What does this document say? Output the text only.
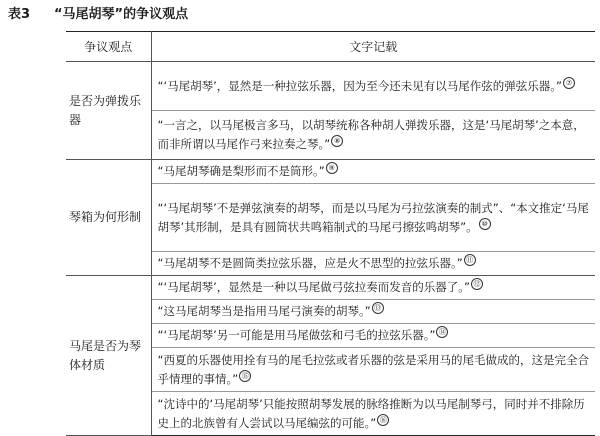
表3 “马尾胡琴”的争议观点
争议观点	文字记载
是否为弹拨乐器	“‘马尾胡琴’，显然是一种拉弦乐器，因为至今还未见有以马尾作弦的弹弦乐器。” ⑦
	“一言之，以马尾极言多马，以胡琴统称各种胡人弹拨乐器，这是‘马尾胡琴’之本意，而非所谓以马尾作弓来拉奏之琴。” ⑧
琴箱为何形制	“马尾胡琴确是梨形而不是筒形。” ⑨
	“‘马尾胡琴’不是弹弦演奏的胡琴，而是以马尾为弓拉弦演奏的制式”、“本文推定‘马尾胡琴’其形制，是具有圆筒状共鸣箱制式的马尾弓擦弦鸣胡琴”。 ⑩
	“马尾胡琴不是圆筒类拉弦乐器，应是火不思型的拉弦乐器。” ⑪
马尾是否为琴体材质	“‘马尾胡琴’，显然是一种以马尾做弓弦拉奏而发音的乐器了。” ⑫
	“这马尾胡琴当是指用马尾弓演奏的胡琴。” ⑬
	“‘马尾胡琴’另一可能是用马尾做弦和弓毛的拉弦乐器。” ⑭
	“西夏的乐器使用拴有马的尾毛拉弦或者乐器的弦是采用马的尾毛做成的，这是完全合乎情理的事情。” ⑮
	“沈诗中的‘马尾胡琴’只能按照胡琴发展的脉络推断为以马尾制琴弓，同时并不排除历史上的北族曾有人尝试以马尾编弦的可能。” ⑯
